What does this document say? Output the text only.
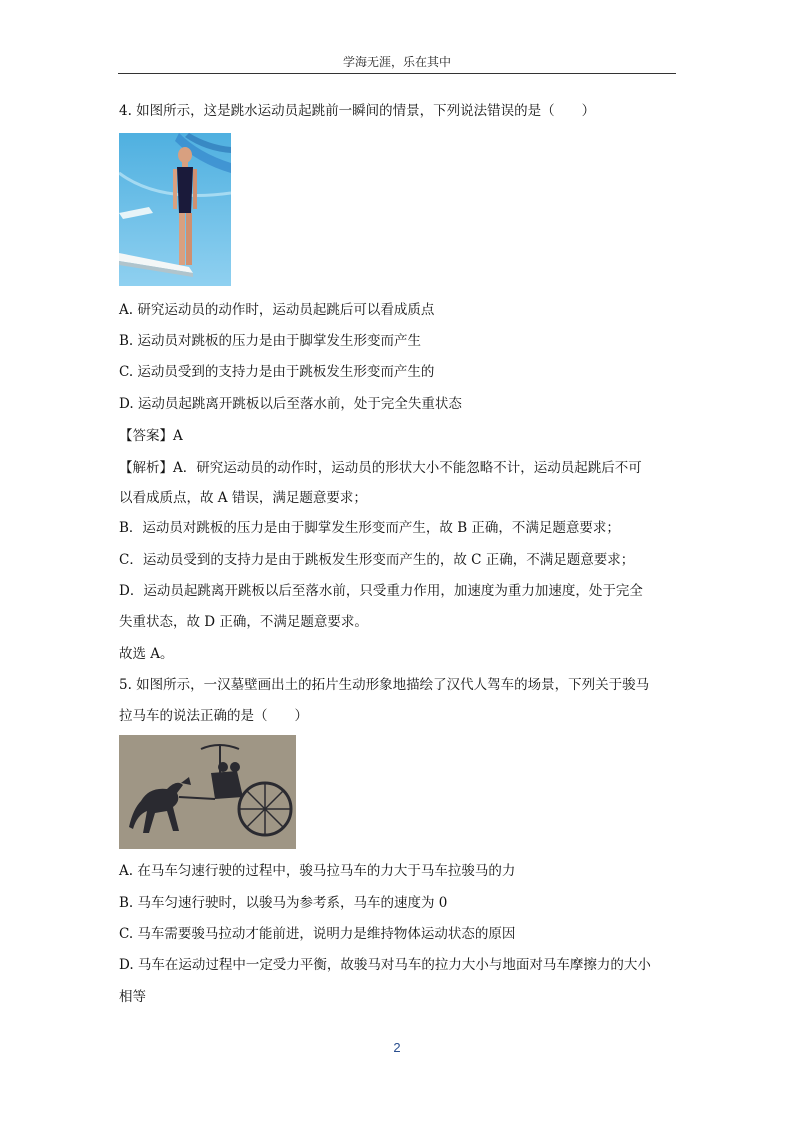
学海无涯，乐在其中
4. 如图所示，这是跳水运动员起跳前一瞬间的情景，下列说法错误的是（　　）
A. 研究运动员的动作时，运动员起跳后可以看成质点
B. 运动员对跳板的压力是由于脚掌发生形变而产生
C. 运动员受到的支持力是由于跳板发生形变而产生的
D. 运动员起跳离开跳板以后至落水前，处于完全失重状态
【答案】A
【解析】A．研究运动员的动作时，运动员的形状大小不能忽略不计，运动员起跳后不可
以看成质点，故 A 错误，满足题意要求；
B．运动员对跳板的压力是由于脚掌发生形变而产生，故 B 正确，不满足题意要求；
C．运动员受到的支持力是由于跳板发生形变而产生的，故 C 正确，不满足题意要求；
D．运动员起跳离开跳板以后至落水前，只受重力作用，加速度为重力加速度，处于完全
失重状态，故 D 正确，不满足题意要求。
故选 A。
5. 如图所示，一汉墓壁画出土的拓片生动形象地描绘了汉代人驾车的场景，下列关于骏马
拉马车的说法正确的是（　　）
A. 在马车匀速行驶的过程中，骏马拉马车的力大于马车拉骏马的力
B. 马车匀速行驶时，以骏马为参考系，马车的速度为 0
C. 马车需要骏马拉动才能前进，说明力是维持物体运动状态的原因
D. 马车在运动过程中一定受力平衡，故骏马对马车的拉力大小与地面对马车摩擦力的大小
相等
2
